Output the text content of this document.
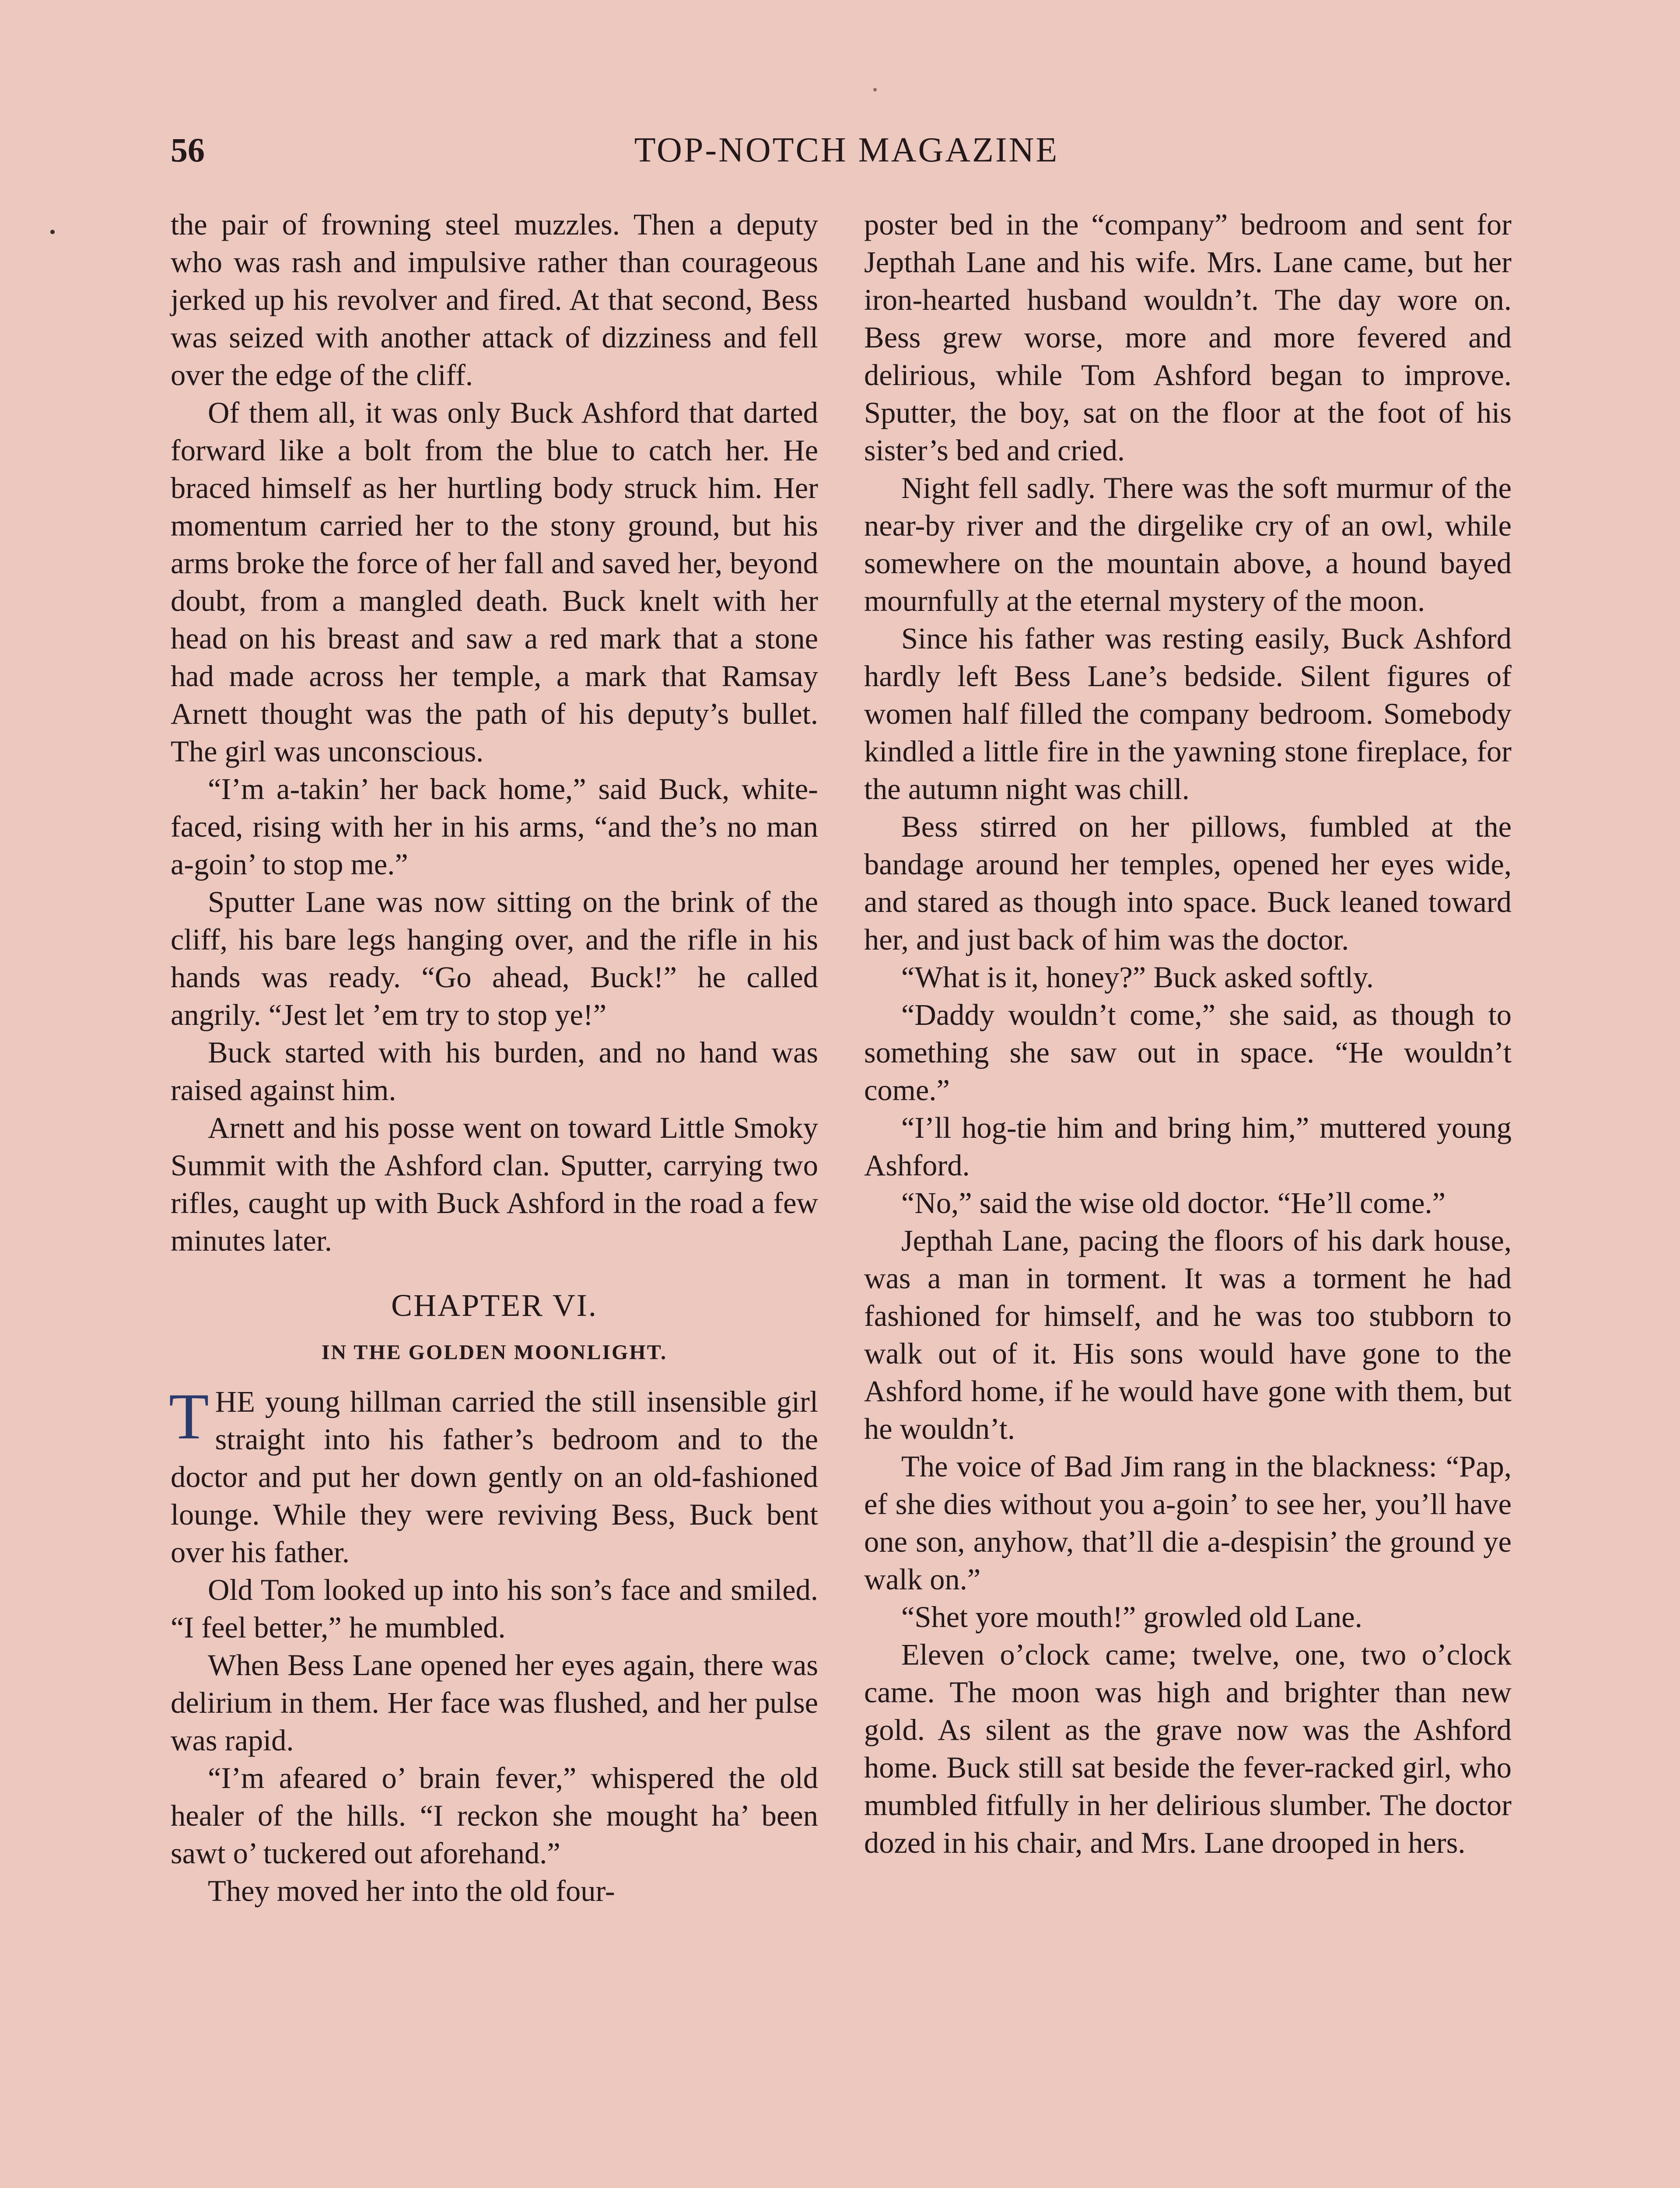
56	TOP-NOTCH MAGAZINE

the pair of frowning steel muzzles. Then a deputy who was rash and impulsive rather than courageous jerked up his revolver and fired. At that second, Bess was seized with another attack of dizziness and fell over the edge of the cliff.

Of them all, it was only Buck Ashford that darted forward like a bolt from the blue to catch her. He braced himself as her hurtling body struck him. Her momentum carried her to the stony ground, but his arms broke the force of her fall and saved her, beyond doubt, from a mangled death. Buck knelt with her head on his breast and saw a red mark that a stone had made across her temple, a mark that Ramsay Arnett thought was the path of his deputy’s bullet. The girl was unconscious.

“I’m a-takin’ her back home,” said Buck, white-faced, rising with her in his arms, “and the’s no man a-goin’ to stop me.”

Sputter Lane was now sitting on the brink of the cliff, his bare legs hanging over, and the rifle in his hands was ready. “Go ahead, Buck!” he called angrily. “Jest let ’em try to stop ye!”

Buck started with his burden, and no hand was raised against him.

Arnett and his posse went on toward Little Smoky Summit with the Ashford clan. Sputter, carrying two rifles, caught up with Buck Ashford in the road a few minutes later.

CHAPTER VI.
IN THE GOLDEN MOONLIGHT.

THE young hillman carried the still insensible girl straight into his father’s bedroom and to the doctor and put her down gently on an old-fashioned lounge. While they were reviving Bess, Buck bent over his father.

Old Tom looked up into his son’s face and smiled. “I feel better,” he mumbled.

When Bess Lane opened her eyes again, there was delirium in them. Her face was flushed, and her pulse was rapid.

“I’m afeared o’ brain fever,” whispered the old healer of the hills. “I reckon she mought ha’ been sawt o’ tuckered out aforehand.”

They moved her into the old four-

poster bed in the “company” bedroom and sent for Jepthah Lane and his wife. Mrs. Lane came, but her iron-hearted husband wouldn’t. The day wore on. Bess grew worse, more and more fevered and delirious, while Tom Ashford began to improve. Sputter, the boy, sat on the floor at the foot of his sister’s bed and cried.

Night fell sadly. There was the soft murmur of the near-by river and the dirgelike cry of an owl, while somewhere on the mountain above, a hound bayed mournfully at the eternal mystery of the moon.

Since his father was resting easily, Buck Ashford hardly left Bess Lane’s bedside. Silent figures of women half filled the company bedroom. Somebody kindled a little fire in the yawning stone fireplace, for the autumn night was chill.

Bess stirred on her pillows, fumbled at the bandage around her temples, opened her eyes wide, and stared as though into space. Buck leaned toward her, and just back of him was the doctor.

“What is it, honey?” Buck asked softly.

“Daddy wouldn’t come,” she said, as though to something she saw out in space. “He wouldn’t come.”

“I’ll hog-tie him and bring him,” muttered young Ashford.

“No,” said the wise old doctor. “He’ll come.”

Jepthah Lane, pacing the floors of his dark house, was a man in torment. It was a torment he had fashioned for himself, and he was too stubborn to walk out of it. His sons would have gone to the Ashford home, if he would have gone with them, but he wouldn’t.

The voice of Bad Jim rang in the blackness: “Pap, ef she dies without you a-goin’ to see her, you’ll have one son, anyhow, that’ll die a-despisin’ the ground ye walk on.”

“Shet yore mouth!” growled old Lane.

Eleven o’clock came; twelve, one, two o’clock came. The moon was high and brighter than new gold. As silent as the grave now was the Ashford home. Buck still sat beside the fever-racked girl, who mumbled fitfully in her delirious slumber. The doctor dozed in his chair, and Mrs. Lane drooped in hers.
